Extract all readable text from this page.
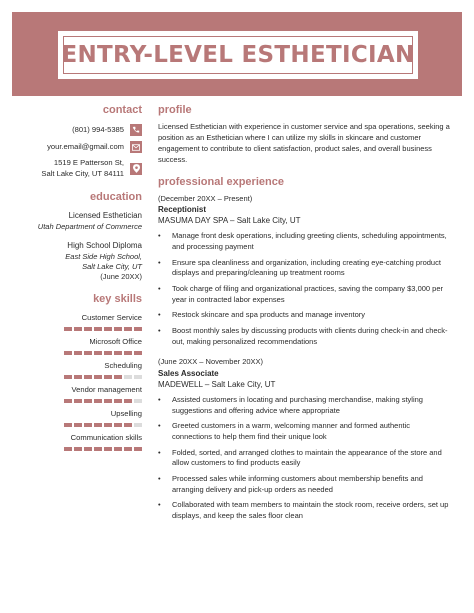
ENTRY-LEVEL ESTHETICIAN
contact
(801) 994-5385
your.email@gmail.com
1519 E Patterson St,
Salt Lake City, UT 84111
education
Licensed Esthetician
Utah Department of Commerce
High School Diploma
East Side High School,
Salt Lake City, UT
(June 20XX)
key skills
Customer Service
Microsoft Office
Scheduling
Vendor management
Upselling
Communication skills
profile
Licensed Esthetician with experience in customer service and spa operations, seeking a position as an Esthetician where I can utilize my skills in skincare and customer engagement to contribute to client satisfaction, product sales, and overall business success.
professional experience
(December 20XX – Present)
Receptionist
MASUMA DAY SPA – Salt Lake City, UT
• Manage front desk operations, including greeting clients, scheduling appointments, and processing payment
• Ensure spa cleanliness and organization, including creating eye-catching product displays and preparing/cleaning up treatment rooms
• Took charge of filing and organizational practices, saving the company $3,000 per year in contracted labor expenses
• Restock skincare and spa products and manage inventory
• Boost monthly sales by discussing products with clients during check-in and check-out, making personalized recommendations
(June 20XX – November 20XX)
Sales Associate
MADEWELL – Salt Lake City, UT
• Assisted customers in locating and purchasing merchandise, making styling suggestions and offering advice where appropriate
• Greeted customers in a warm, welcoming manner and formed authentic connections to help them find their unique look
• Folded, sorted, and arranged clothes to maintain the appearance of the store and allow customers to find products easily
• Processed sales while informing customers about membership benefits and arranging delivery and pick-up orders as needed
• Collaborated with team members to maintain the stock room, receive orders, set up displays, and keep the sales floor clean
